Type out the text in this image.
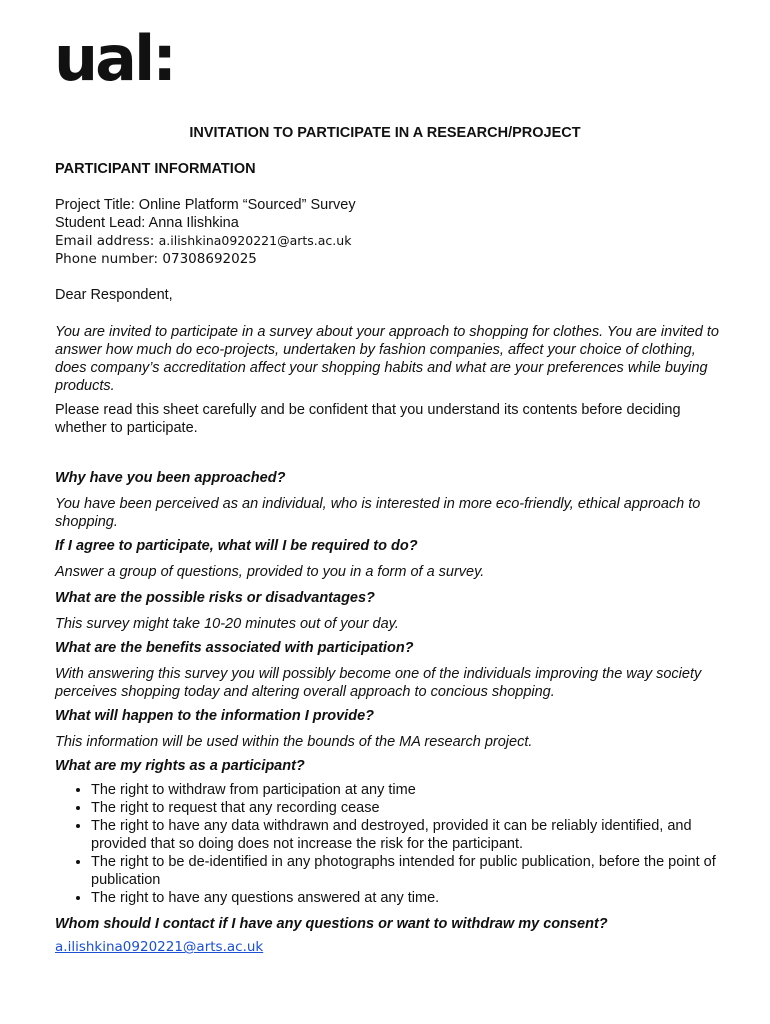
ual:
INVITATION TO PARTICIPATE IN A RESEARCH/PROJECT

PARTICIPANT INFORMATION

Project Title: Online Platform “Sourced” Survey

Student Lead: Anna Ilishkina

Email address: a.ilishkina0920221@arts.ac.uk

Phone number: 07308692025

Dear Respondent,

You are invited to participate in a survey about your approach to shopping for clothes. You are invited to answer how much do eco-projects, undertaken by fashion companies, affect your choice of clothing, does company’s accreditation affect your shopping habits and what are your preferences while buying products.

Please read this sheet carefully and be confident that you understand its contents before deciding whether to participate.

Why have you been approached?

You have been perceived as an individual, who is interested in more eco-friendly, ethical approach to shopping.

If I agree to participate, what will I be required to do?

Answer a group of questions, provided to you in a form of a survey.

What are the possible risks or disadvantages?

This survey might take 10-20 minutes out of your day.

What are the benefits associated with participation?

With answering this survey you will possibly become one of the individuals improving the way society perceives shopping today and altering overall approach to concious shopping.

What will happen to the information I provide?

This information will be used within the bounds of the MA research project.

What are my rights as a participant?

• The right to withdraw from participation at any time
• The right to request that any recording cease
• The right to have any data withdrawn and destroyed, provided it can be reliably identified, and provided that so doing does not increase the risk for the participant.
• The right to be de-identified in any photographs intended for public publication, before the point of publication
• The right to have any questions answered at any time.

Whom should I contact if I have any questions or want to withdraw my consent?

a.ilishkina0920221@arts.ac.uk
